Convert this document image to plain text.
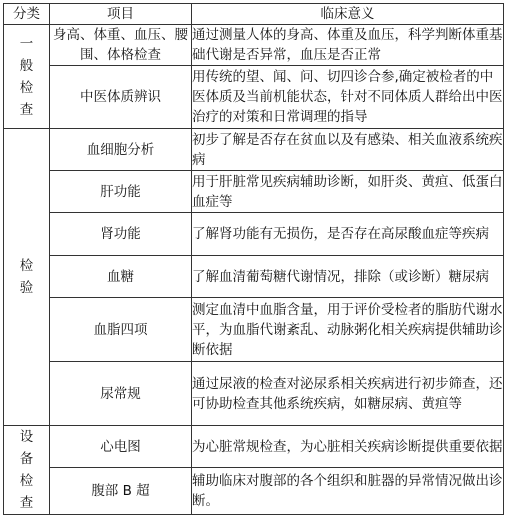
分类	项目	临床意义
一般检查	身高、体重、血压、腰围、体格检查	通过测量人体的身高、体重及血压，科学判断体重基础代谢是否异常，血压是否正常
	中医体质辨识	用传统的望、闻、问、切四诊合参,确定被检者的中医体质及当前机能状态，针对不同体质人群给出中医治疗的对策和日常调理的指导
检验	血细胞分析	初步了解是否存在贫血以及有感染、相关血液系统疾病
	肝功能	用于肝脏常见疾病辅助诊断，如肝炎、黄疸、低蛋白血症等
	肾功能	了解肾功能有无损伤，是否存在高尿酸血症等疾病
	血糖	了解血清葡萄糖代谢情况，排除（或诊断）糖尿病
	血脂四项	测定血清中血脂含量，用于评价受检者的脂肪代谢水平，为血脂代谢紊乱、动脉粥化相关疾病提供辅助诊断依据
	尿常规	通过尿液的检查对泌尿系相关疾病进行初步筛查，还可协助检查其他系统疾病，如糖尿病、黄疸等
设备检查	心电图	为心脏常规检查，为心脏相关疾病诊断提供重要依据
	腹部 B 超	辅助临床对腹部的各个组织和脏器的异常情况做出诊断。
